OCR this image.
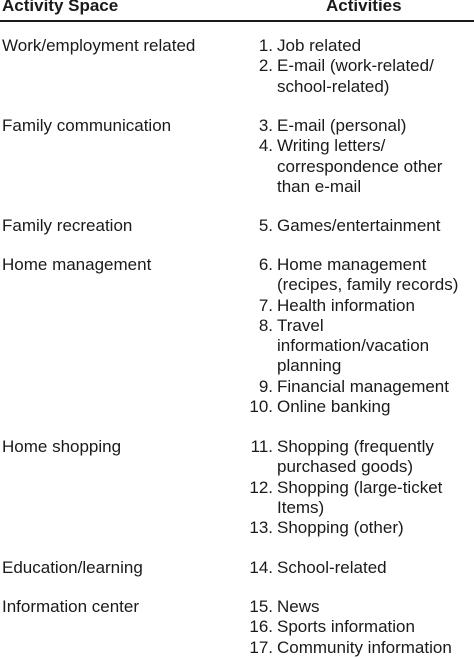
Activity Space	Activities
Work/employment related	1. Job related
2. E-mail (work-related/
school-related)
Family communication	3. E-mail (personal)
4. Writing letters/
correspondence other
than e-mail
Family recreation	5. Games/entertainment
Home management	6. Home management
(recipes, family records)
7. Health information
8. Travel
information/vacation
planning
9. Financial management
10. Online banking
Home shopping	11. Shopping (frequently
purchased goods)
12. Shopping (large-ticket
Items)
13. Shopping (other)
Education/learning	14. School-related
Information center	15. News
16. Sports information
17. Community information
